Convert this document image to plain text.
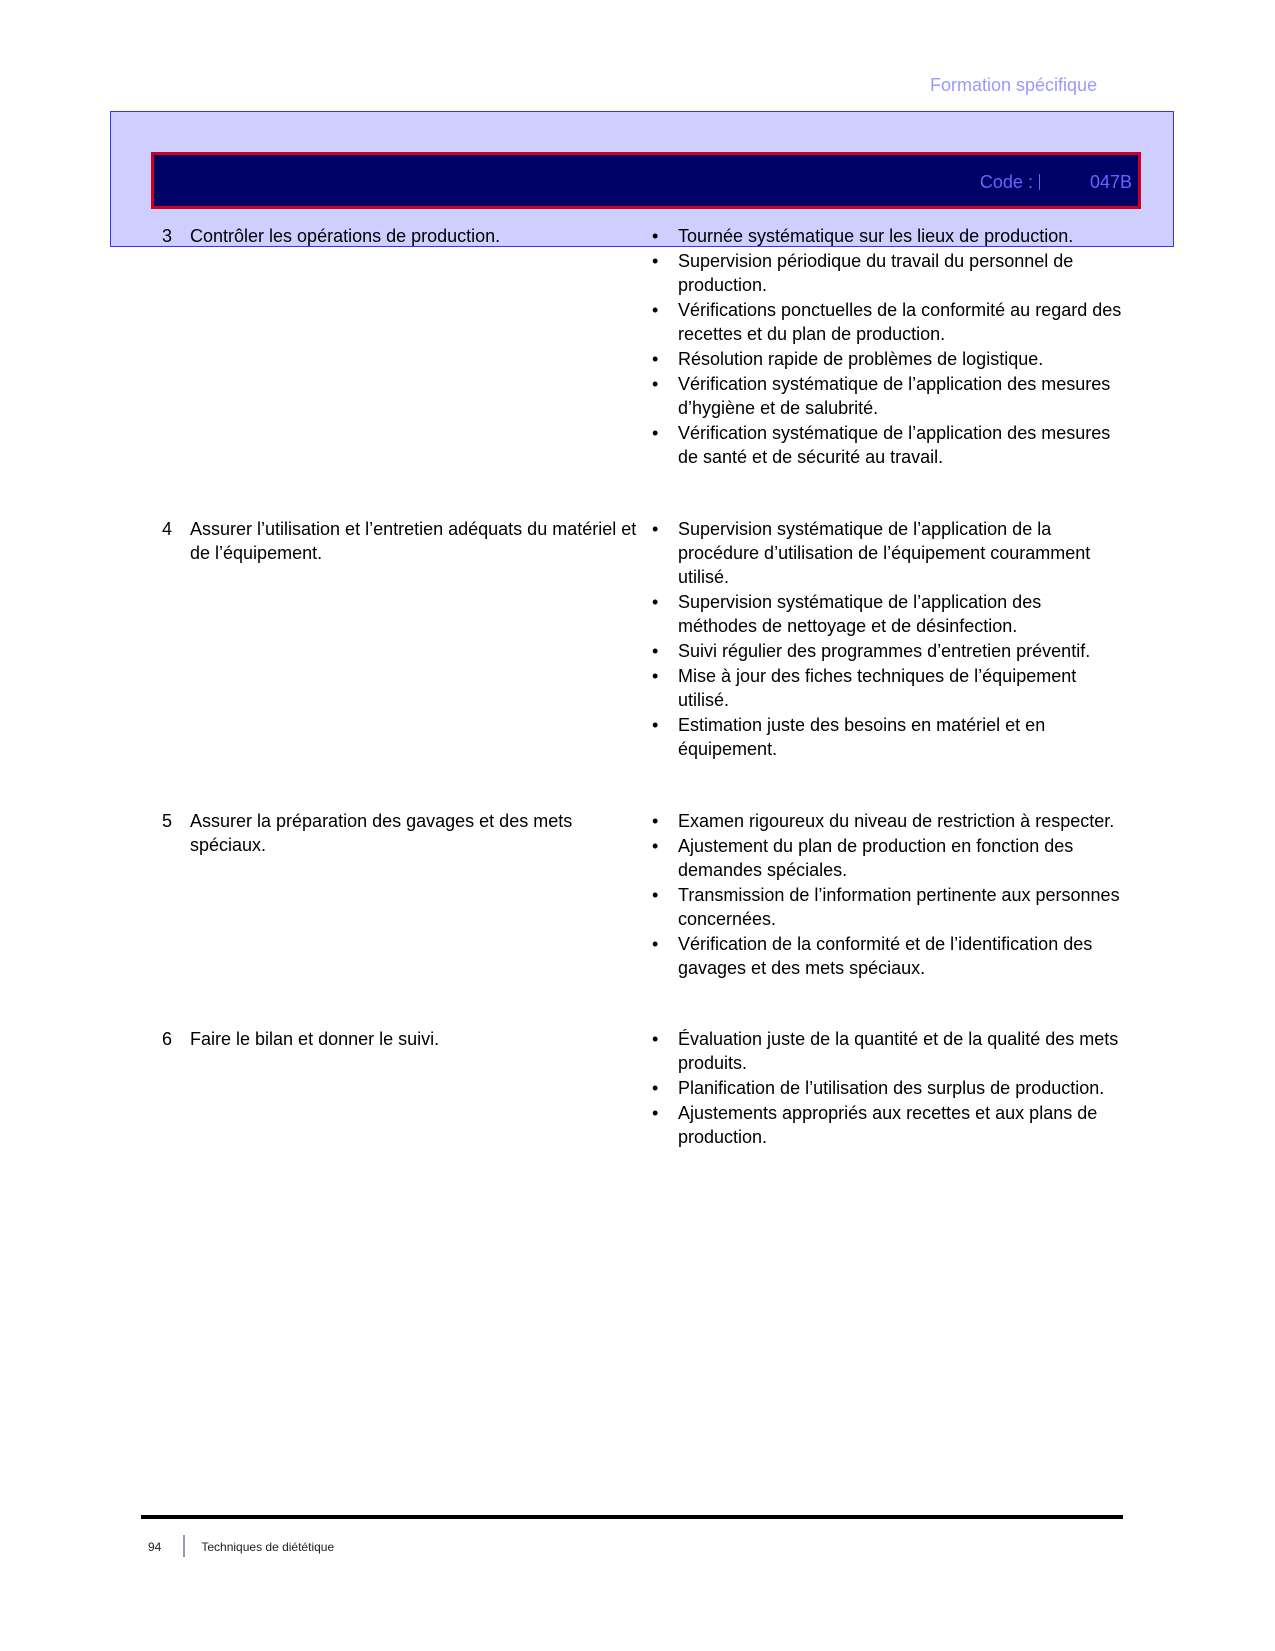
Formation spécifique
Code :	047B
3 Contrôler les opérations de production.	• Tournée systématique sur les lieux de production.
• Supervision périodique du travail du personnel de production.
• Vérifications ponctuelles de la conformité au regard des recettes et du plan de production.
• Résolution rapide de problèmes de logistique.
• Vérification systématique de l’application des mesures d’hygiène et de salubrité.
• Vérification systématique de l’application des mesures de santé et de sécurité au travail.
4 Assurer l’utilisation et l’entretien adéquats du matériel et de l’équipement.
• Supervision systématique de l’application de la procédure d’utilisation de l’équipement couramment utilisé.
• Supervision systématique de l’application des méthodes de nettoyage et de désinfection.
• Suivi régulier des programmes d’entretien préventif.
• Mise à jour des fiches techniques de l’équipement utilisé.
• Estimation juste des besoins en matériel et en équipement.
5 Assurer la préparation des gavages et des mets spéciaux.
• Examen rigoureux du niveau de restriction à respecter.
• Ajustement du plan de production en fonction des demandes spéciales.
• Transmission de l’information pertinente aux personnes concernées.
• Vérification de la conformité et de l’identification des gavages et des mets spéciaux.
6 Faire le bilan et donner le suivi.	• Évaluation juste de la quantité et de la qualité des mets produits.
• Planification de l’utilisation des surplus de production.
• Ajustements appropriés aux recettes et aux plans de production.
94	Techniques de diététique
